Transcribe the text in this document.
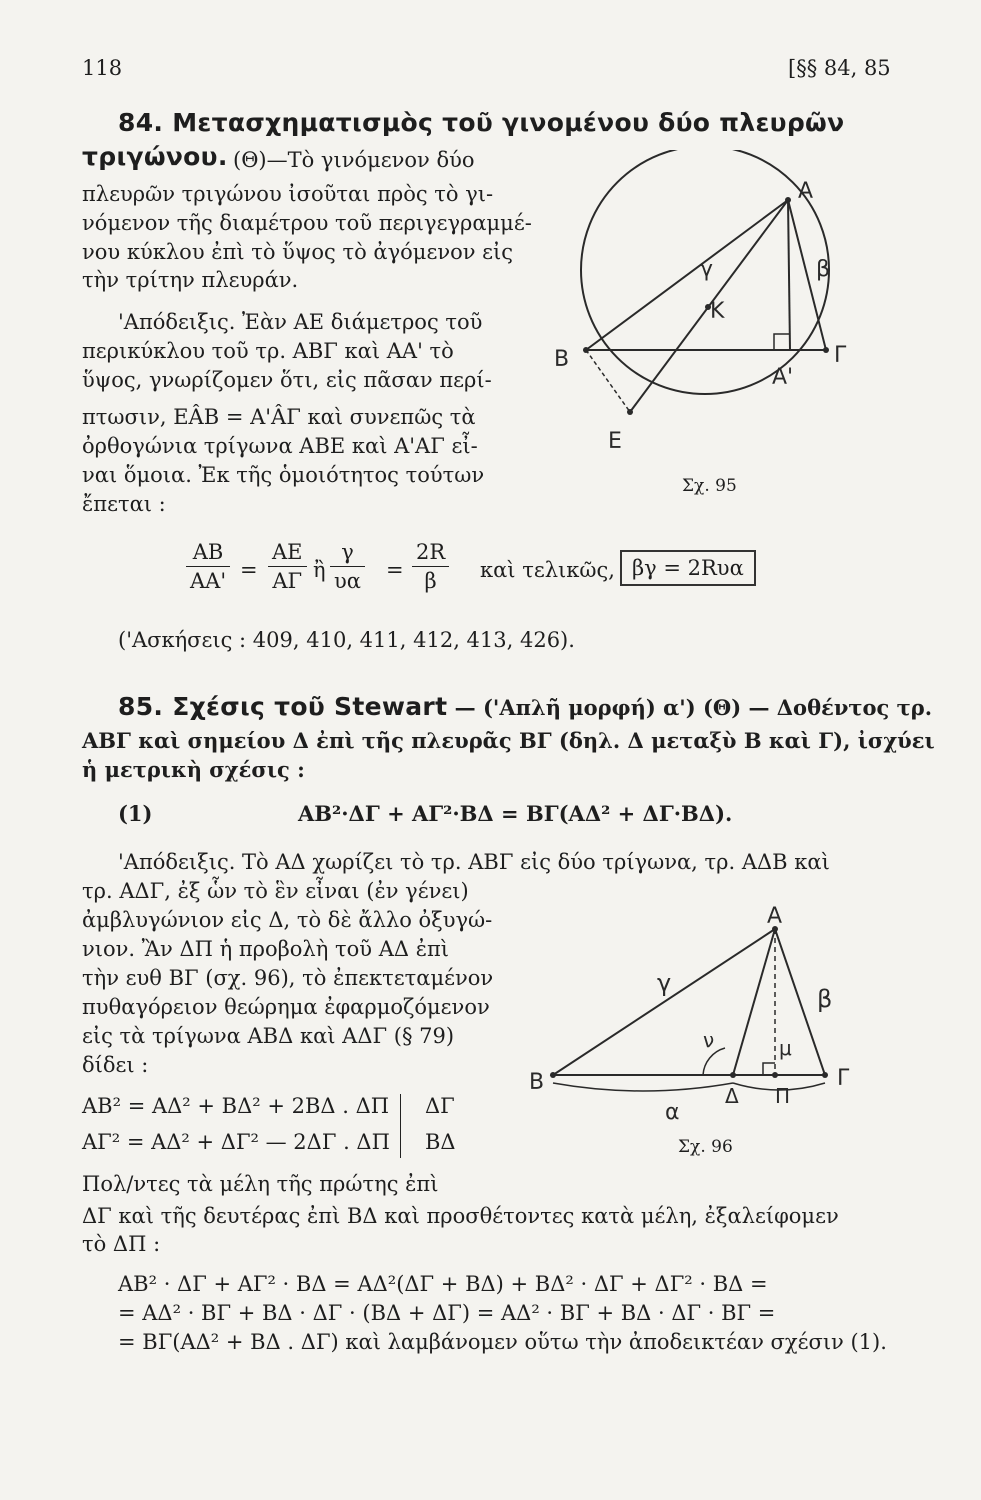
118	[§§ 84, 85
84. Μετασχηματισμὸς τοῦ γινομένου δύο πλευρῶν
τριγώνου. (Θ)—Τὸ γινόμενον δύο
πλευρῶν τριγώνου ἰσοῦται πρὸς τὸ γι-
νόμενον τῆς διαμέτρου τοῦ περιγεγραμμέ-
νου κύκλου ἐπὶ τὸ ὕψος τὸ ἀγόμενον εἰς
τὴν τρίτην πλευράν.
'Απόδειξις. Ἐὰν ΑΕ διάμετρος τοῦ
περικύκλου τοῦ τρ. ΑΒΓ καὶ ΑΑ' τὸ
ὕψος, γνωρίζομεν ὅτι, εἰς πᾶσαν περί-
πτωσιν, ΕÂΒ = Α'ÂΓ καὶ συνεπῶς τὰ
ὀρθογώνια τρίγωνα ΑΒΕ καὶ Α'ΑΓ εἶ-
ναι ὅμοια. Ἐκ τῆς ὁμοιότητος τούτων
ἔπεται :
Α
Β	Γ
Α'
Κ
Ε
γ	β
Σχ. 95
$\frac{AB}{AA'} = \frac{AE}{A\Gamma}$ ἢ $\frac{\gamma}{\upsilon\alpha} = \frac{2R}{\beta}$ καὶ τελικῶς, βγ = 2Rυα
('Ασκήσεις : 409, 410, 411, 412, 413, 426).
85. Σχέσις τοῦ Stewart — ('Απλῆ μορφή) α') (Θ) — Δοθέντος τρ.
ΑΒΓ καὶ σημείου Δ ἐπὶ τῆς πλευρᾶς ΒΓ (δηλ. Δ μεταξὺ Β καὶ Γ), ἰσχύει
ἡ μετρικὴ σχέσις :
(1)	ΑΒ²·ΔΓ + ΑΓ²·ΒΔ = ΒΓ(ΑΔ² + ΔΓ·ΒΔ).
'Απόδειξις. Τὸ ΑΔ χωρίζει τὸ τρ. ΑΒΓ εἰς δύο τρίγωνα, τρ. ΑΔΒ καὶ
τρ. ΑΔΓ, ἐξ ὧν τὸ ἓν εἶναι (ἐν γένει)
ἀμβλυγώνιον εἰς Δ, τὸ δὲ ἄλλο ὀξυγώ-
νιον. Ἂν ΔΠ ἡ προβολὴ τοῦ ΑΔ ἐπὶ
τὴν ευθ ΒΓ (σχ. 96), τὸ ἐπεκτεταμένον
πυθαγόρειον θεώρημα ἐφαρμοζόμενον
εἰς τὰ τρίγωνα ΑΒΔ καὶ ΑΔΓ (§ 79)
δίδει :
Α
Β	Γ
Δ Π
γ
β
ν	μ
α
Σχ. 96
ΑΒ² = ΑΔ² + ΒΔ² + 2ΒΔ . ΔΠ ΔΓ
ΑΓ² = ΑΔ² + ΔΓ² — 2ΔΓ . ΔΠ ΒΔ
Πολ/ντες τὰ μέλη τῆς πρώτης ἐπὶ
ΔΓ καὶ τῆς δευτέρας ἐπὶ ΒΔ καὶ προσθέτοντες κατὰ μέλη, ἐξαλείφομεν
τὸ ΔΠ :
ΑΒ² · ΔΓ + ΑΓ² · ΒΔ = ΑΔ²(ΔΓ + ΒΔ) + ΒΔ² · ΔΓ + ΔΓ² · ΒΔ =
= ΑΔ² · ΒΓ + ΒΔ · ΔΓ · (ΒΔ + ΔΓ) = ΑΔ² · ΒΓ + ΒΔ · ΔΓ · ΒΓ =
= ΒΓ(ΑΔ² + ΒΔ . ΔΓ) καὶ λαμβάνομεν οὕτω τὴν ἀποδεικτέαν σχέσιν (1).
